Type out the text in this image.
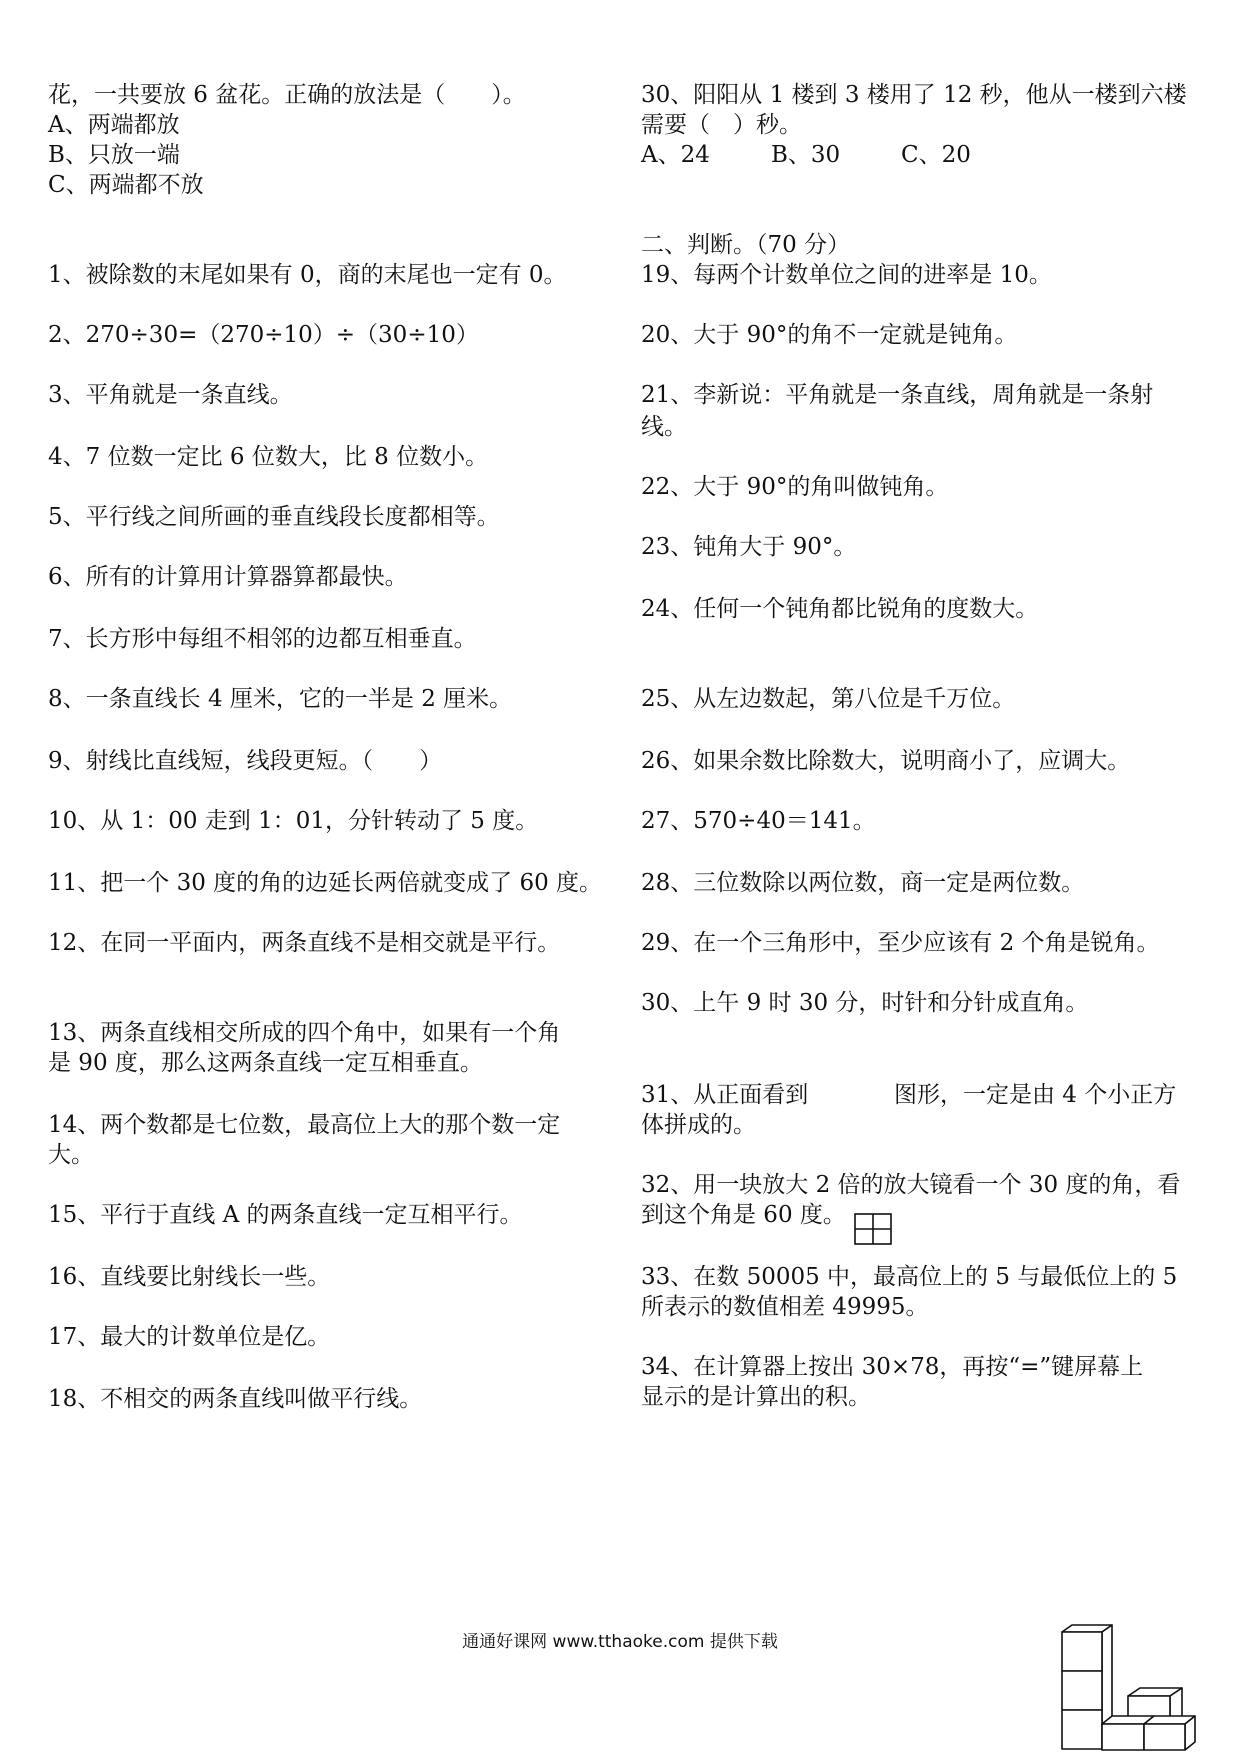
花，一共要放 6 盆花。正确的放法是（　　）。
A、两端都放
B、只放一端
C、两端都不放
1、被除数的末尾如果有 0，商的末尾也一定有 0。
2、270÷30=（270÷10）÷（30÷10）
3、平角就是一条直线。
4、7 位数一定比 6 位数大，比 8 位数小。
5、平行线之间所画的垂直线段长度都相等。
6、所有的计算用计算器算都最快。
7、长方形中每组不相邻的边都互相垂直。
8、一条直线长 4 厘米，它的一半是 2 厘米。
9、射线比直线短，线段更短。（　　）
10、从 1：00 走到 1：01，分针转动了 5 度。
11、把一个 30 度的角的边延长两倍就变成了 60 度。
12、在同一平面内，两条直线不是相交就是平行。
13、两条直线相交所成的四个角中，如果有一个角
是 90 度，那么这两条直线一定互相垂直。
14、两个数都是七位数，最高位上大的那个数一定
大。
15、平行于直线 A 的两条直线一定互相平行。
16、直线要比射线长一些。
17、最大的计数单位是亿。
18、不相交的两条直线叫做平行线。
30、阳阳从 1 楼到 3 楼用了 12 秒，他从一楼到六楼
需要（　）秒。
A、24	B、30	C、20
二、判断。（70 分）
19、每两个计数单位之间的进率是 10。
20、大于 90°的角不一定就是钝角。
21、李新说：平角就是一条直线，周角就是一条射
线。
22、大于 90°的角叫做钝角。
23、钝角大于 90°。
24、任何一个钝角都比锐角的度数大。
25、从左边数起，第八位是千万位。
26、如果余数比除数大，说明商小了，应调大。
27、570÷40＝141。
28、三位数除以两位数，商一定是两位数。
29、在一个三角形中，至少应该有 2 个角是锐角。
30、上午 9 时 30 分，时针和分针成直角。
31、从正面看到	图形，一定是由 4 个小正方
体拼成的。
32、用一块放大 2 倍的放大镜看一个 30 度的角，看
到这个角是 60 度。
33、在数 50005 中，最高位上的 5 与最低位上的 5
所表示的数值相差 49995。
34、在计算器上按出 30×78，再按“=”键屏幕上
显示的是计算出的积。
通通好课网 www.tthaoke.com 提供下载
